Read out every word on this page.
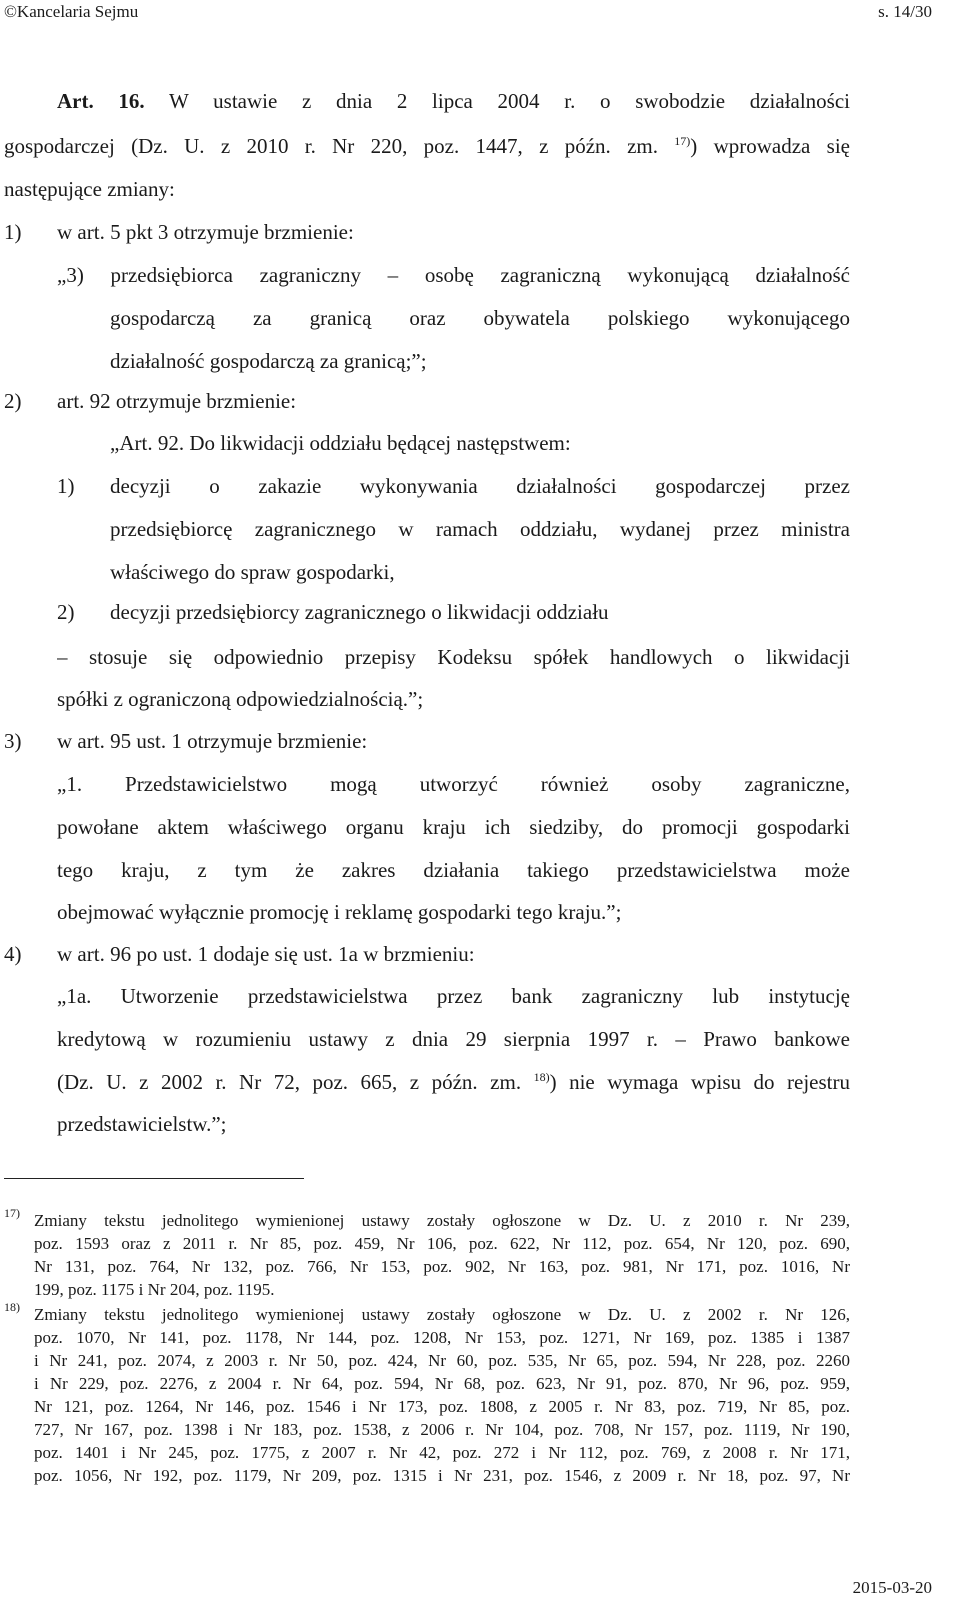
©Kancelaria Sejmu	s. 14/30
Art. 16. W ustawie z dnia 2 lipca 2004 r. o swobodzie działalności
gospodarczej (Dz. U. z 2010 r. Nr 220, poz. 1447, z późn. zm. $^{17)}$) wprowadza się
następujące zmiany:
1) w art. 5 pkt 3 otrzymuje brzmienie:
„3) przedsiębiorca zagraniczny – osobę zagraniczną wykonującą działalność
gospodarczą za granicą oraz obywatela polskiego wykonującego
działalność gospodarczą za granicą;”;
2) art. 92 otrzymuje brzmienie:
„Art. 92. Do likwidacji oddziału będącej następstwem:
1) decyzji o zakazie wykonywania działalności gospodarczej przez
przedsiębiorcę zagranicznego w ramach oddziału, wydanej przez ministra
właściwego do spraw gospodarki,
2) decyzji przedsiębiorcy zagranicznego o likwidacji oddziału
– stosuje się odpowiednio przepisy Kodeksu spółek handlowych o likwidacji
spółki z ograniczoną odpowiedzialnością.”;
3) w art. 95 ust. 1 otrzymuje brzmienie:
„1. Przedstawicielstwo mogą utworzyć również osoby zagraniczne,
powołane aktem właściwego organu kraju ich siedziby, do promocji gospodarki
tego kraju, z tym że zakres działania takiego przedstawicielstwa może
obejmować wyłącznie promocję i reklamę gospodarki tego kraju.”;
4) w art. 96 po ust. 1 dodaje się ust. 1a w brzmieniu:
„1a. Utworzenie przedstawicielstwa przez bank zagraniczny lub instytucję
kredytową w rozumieniu ustawy z dnia 29 sierpnia 1997 r. – Prawo bankowe
(Dz. U. z 2002 r. Nr 72, poz. 665, z późn. zm. $^{18)}$) nie wymaga wpisu do rejestru
przedstawicielstw.”;
17) Zmiany tekstu jednolitego wymienionej ustawy zostały ogłoszone w Dz. U. z 2010 r. Nr 239,
poz. 1593 oraz z 2011 r. Nr 85, poz. 459, Nr 106, poz. 622, Nr 112, poz. 654, Nr 120, poz. 690,
Nr 131, poz. 764, Nr 132, poz. 766, Nr 153, poz. 902, Nr 163, poz. 981, Nr 171, poz. 1016, Nr
199, poz. 1175 i Nr 204, poz. 1195.
18) Zmiany tekstu jednolitego wymienionej ustawy zostały ogłoszone w Dz. U. z 2002 r. Nr 126,
poz. 1070, Nr 141, poz. 1178, Nr 144, poz. 1208, Nr 153, poz. 1271, Nr 169, poz. 1385 i 1387
i Nr 241, poz. 2074, z 2003 r. Nr 50, poz. 424, Nr 60, poz. 535, Nr 65, poz. 594, Nr 228, poz. 2260
i Nr 229, poz. 2276, z 2004 r. Nr 64, poz. 594, Nr 68, poz. 623, Nr 91, poz. 870, Nr 96, poz. 959,
Nr 121, poz. 1264, Nr 146, poz. 1546 i Nr 173, poz. 1808, z 2005 r. Nr 83, poz. 719, Nr 85, poz.
727, Nr 167, poz. 1398 i Nr 183, poz. 1538, z 2006 r. Nr 104, poz. 708, Nr 157, poz. 1119, Nr 190,
poz. 1401 i Nr 245, poz. 1775, z 2007 r. Nr 42, poz. 272 i Nr 112, poz. 769, z 2008 r. Nr 171,
poz. 1056, Nr 192, poz. 1179, Nr 209, poz. 1315 i Nr 231, poz. 1546, z 2009 r. Nr 18, poz. 97, Nr
2015-03-20
